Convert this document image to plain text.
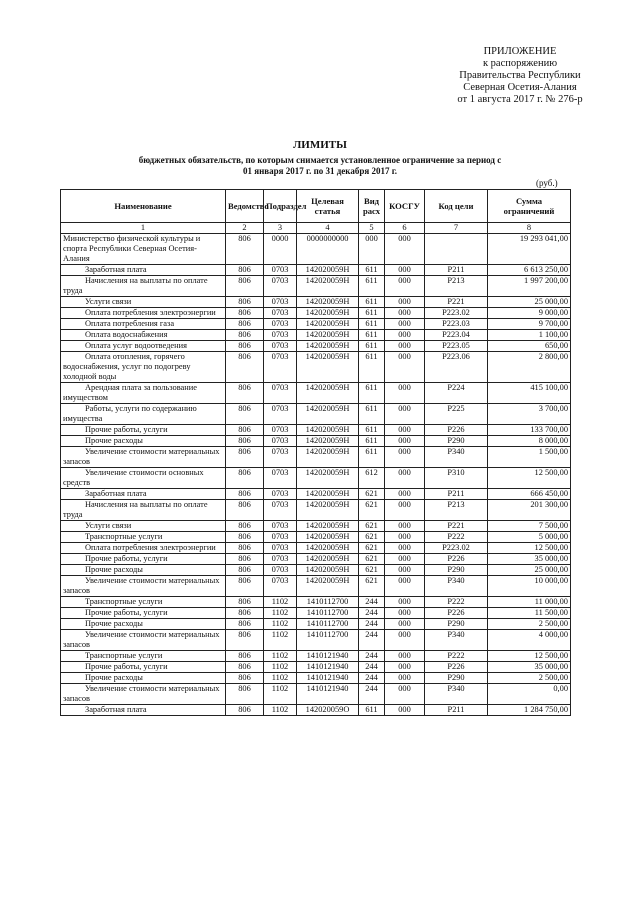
ПРИЛОЖЕНИЕ
к распоряжению
Правительства Республики
Северная Осетия-Алания
от 1 августа 2017 г. № 276-р
ЛИМИТЫ
бюджетных обязательств, по которым снимается установленное ограничение за период с
01 января 2017 г. по 31 декабря 2017 г.
(руб.)
Наименование	Ведомство	Подраздел	Целевая статья	Вид расх	КОСГУ	Код цели	Сумма ограничений
1	2	3	4	5	6	7	8
Министерство физической культуры и спорта Республики Северная Осетия-Алания	806	0000	0000000000	000	000		19 293 041,00
Заработная плата	806	0703	142020059Н	611	000	Р211	6 613 250,00
Начисления на выплаты по оплате труда	806	0703	142020059Н	611	000	Р213	1 997 200,00
Услуги связи	806	0703	142020059Н	611	000	Р221	25 000,00
Оплата потребления электроэнергии	806	0703	142020059Н	611	000	Р223.02	9 000,00
Оплата потребления газа	806	0703	142020059Н	611	000	Р223.03	9 700,00
Оплата водоснабжения	806	0703	142020059Н	611	000	Р223.04	1 100,00
Оплата услуг водоотведения	806	0703	142020059Н	611	000	Р223.05	650,00
Оплата отопления, горячего водоснабжения, услуг по подогреву холодной воды	806	0703	142020059Н	611	000	Р223.06	2 800,00
Арендная плата за пользование имуществом	806	0703	142020059Н	611	000	Р224	415 100,00
Работы, услуги по содержанию имущества	806	0703	142020059Н	611	000	Р225	3 700,00
Прочие работы, услуги	806	0703	142020059Н	611	000	Р226	133 700,00
Прочие расходы	806	0703	142020059Н	611	000	Р290	8 000,00
Увеличение стоимости материальных запасов	806	0703	142020059Н	611	000	Р340	1 500,00
Увеличение стоимости основных средств	806	0703	142020059Н	612	000	Р310	12 500,00
Заработная плата	806	0703	142020059Н	621	000	Р211	666 450,00
Начисления на выплаты по оплате труда	806	0703	142020059Н	621	000	Р213	201 300,00
Услуги связи	806	0703	142020059Н	621	000	Р221	7 500,00
Транспортные услуги	806	0703	142020059Н	621	000	Р222	5 000,00
Оплата потребления электроэнергии	806	0703	142020059Н	621	000	Р223.02	12 500,00
Прочие работы, услуги	806	0703	142020059Н	621	000	Р226	35 000,00
Прочие расходы	806	0703	142020059Н	621	000	Р290	25 000,00
Увеличение стоимости материальных запасов	806	0703	142020059Н	621	000	Р340	10 000,00
Транспортные услуги	806	1102	1410112700	244	000	Р222	11 000,00
Прочие работы, услуги	806	1102	1410112700	244	000	Р226	11 500,00
Прочие расходы	806	1102	1410112700	244	000	Р290	2 500,00
Увеличение стоимости материальных запасов	806	1102	1410112700	244	000	Р340	4 000,00
Транспортные услуги	806	1102	1410121940	244	000	Р222	12 500,00
Прочие работы, услуги	806	1102	1410121940	244	000	Р226	35 000,00
Прочие расходы	806	1102	1410121940	244	000	Р290	2 500,00
Увеличение стоимости материальных запасов	806	1102	1410121940	244	000	Р340	0,00
Заработная плата	806	1102	142020059О	611	000	Р211	1 284 750,00
